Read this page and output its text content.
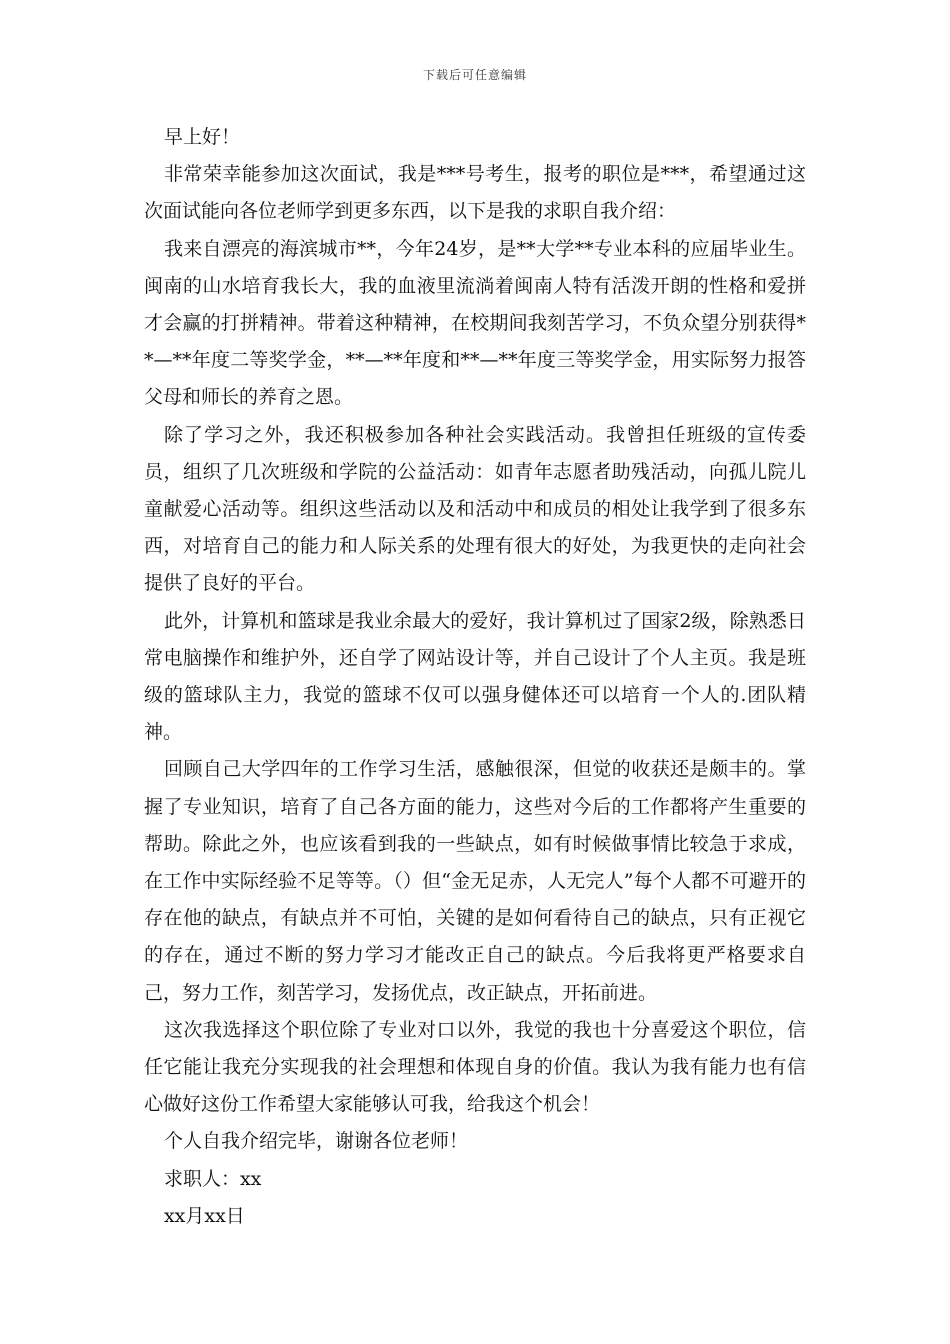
下载后可任意编辑

早上好！

非常荣幸能参加这次面试，我是***号考生，报考的职位是***，希望通过这次面试能向各位老师学到更多东西，以下是我的求职自我介绍：

我来自漂亮的海滨城市**，今年24岁，是**大学**专业本科的应届毕业生。闽南的山水培育我长大，我的血液里流淌着闽南人特有活泼开朗的性格和爱拼才会赢的打拼精神。带着这种精神，在校期间我刻苦学习，不负众望分别获得**—**年度二等奖学金，**—**年度和**—**年度三等奖学金，用实际努力报答父母和师长的养育之恩。

除了学习之外，我还积极参加各种社会实践活动。我曾担任班级的宣传委员，组织了几次班级和学院的公益活动：如青年志愿者助残活动，向孤儿院儿童献爱心活动等。组织这些活动以及和活动中和成员的相处让我学到了很多东西，对培育自己的能力和人际关系的处理有很大的好处，为我更快的走向社会提供了良好的平台。

此外，计算机和篮球是我业余最大的爱好，我计算机过了国家2级，除熟悉日常电脑操作和维护外，还自学了网站设计等，并自己设计了个人主页。我是班级的篮球队主力，我觉的篮球不仅可以强身健体还可以培育一个人的.团队精神。

回顾自己大学四年的工作学习生活，感触很深，但觉的收获还是颇丰的。掌握了专业知识，培育了自己各方面的能力，这些对今后的工作都将产生重要的帮助。除此之外，也应该看到我的一些缺点，如有时候做事情比较急于求成，在工作中实际经验不足等等。（）但“金无足赤，人无完人”每个人都不可避开的存在他的缺点，有缺点并不可怕，关键的是如何看待自己的缺点，只有正视它的存在，通过不断的努力学习才能改正自己的缺点。今后我将更严格要求自己，努力工作，刻苦学习，发扬优点，改正缺点，开拓前进。

这次我选择这个职位除了专业对口以外，我觉的我也十分喜爱这个职位，信任它能让我充分实现我的社会理想和体现自身的价值。我认为我有能力也有信心做好这份工作希望大家能够认可我，给我这个机会！

个人自我介绍完毕，谢谢各位老师！

求职人：xx

xx月xx日
